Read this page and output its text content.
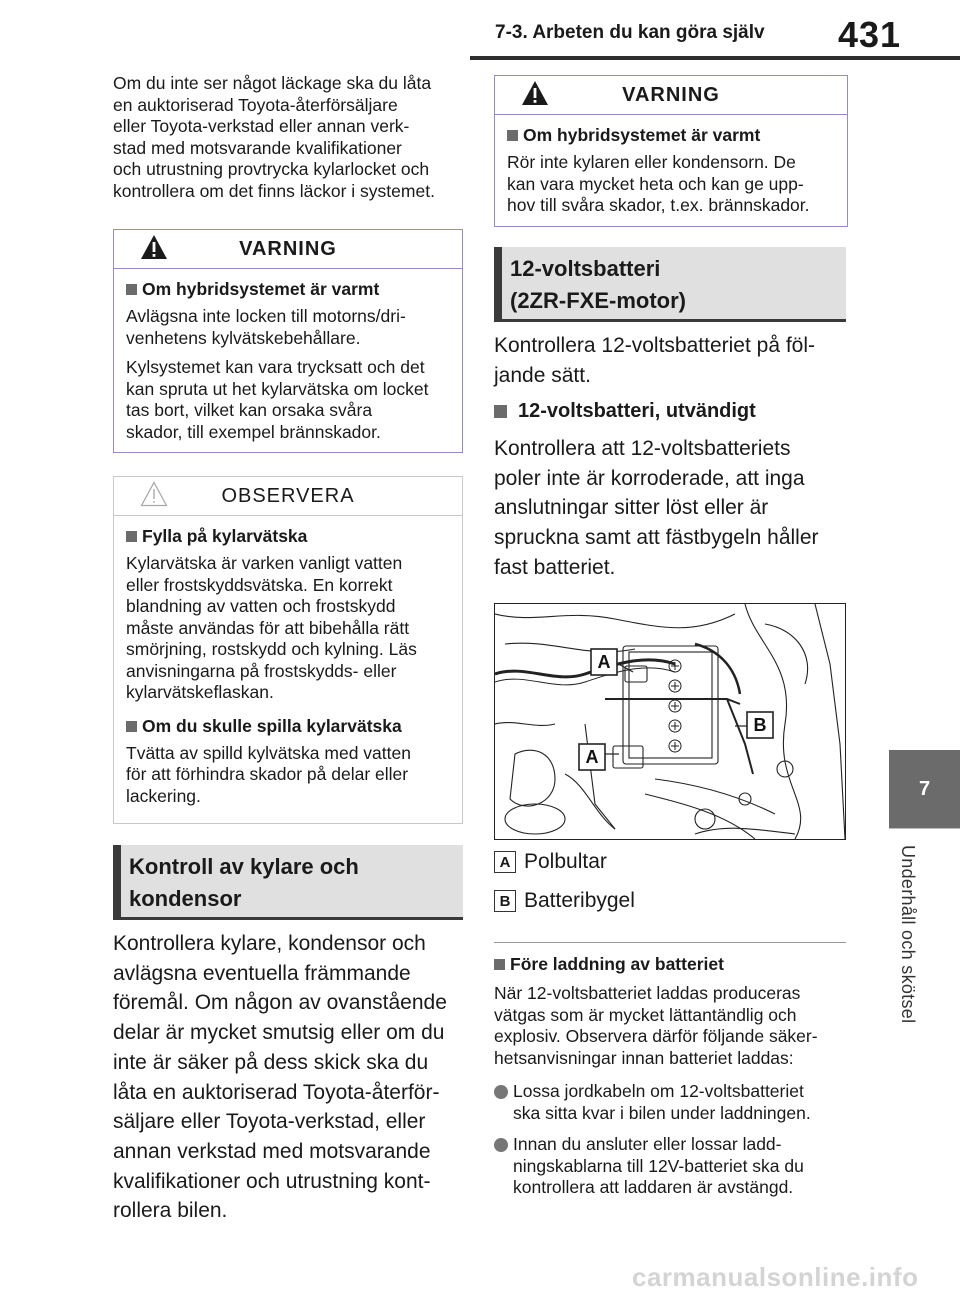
7-3. Arbeten du kan göra själv 431
7
Underhåll och skötsel
Om du inte ser något läckage ska du låta
en auktoriserad Toyota-återförsäljare
eller Toyota-verkstad eller annan verk-
stad med motsvarande kvalifikationer
och utrustning provtrycka kylarlocket och
kontrollera om det finns läckor i systemet.
VARNING
Om hybridsystemet är varmt
Avlägsna inte locken till motorns/dri-
venhetens kylvätskebehållare.
Kylsystemet kan vara trycksatt och det
kan spruta ut het kylarvätska om locket
tas bort, vilket kan orsaka svåra
skador, till exempel brännskador.
OBSERVERA
Fylla på kylarvätska
Kylarvätska är varken vanligt vatten
eller frostskyddsvätska. En korrekt
blandning av vatten och frostskydd
måste användas för att bibehålla rätt
smörjning, rostskydd och kylning. Läs
anvisningarna på frostskydds- eller
kylarvätskeflaskan.
Om du skulle spilla kylarvätska
Tvätta av spilld kylvätska med vatten
för att förhindra skador på delar eller
lackering.
Kontroll av kylare och
kondensor
Kontrollera kylare, kondensor och
avlägsna eventuella främmande
föremål. Om någon av ovanstående
delar är mycket smutsig eller om du
inte är säker på dess skick ska du
låta en auktoriserad Toyota-återför-
säljare eller Toyota-verkstad, eller
annan verkstad med motsvarande
kvalifikationer och utrustning kont-
rollera bilen.
VARNING
Om hybridsystemet är varmt
Rör inte kylaren eller kondensorn. De
kan vara mycket heta och kan ge upp-
hov till svåra skador, t.ex. brännskador.
12-voltsbatteri
(2ZR-FXE-motor)
Kontrollera 12-voltsbatteriet på föl-
jande sätt.
12-voltsbatteri, utvändigt
Kontrollera att 12-voltsbatteriets
poler inte är korroderade, att inga
anslutningar sitter löst eller är
spruckna samt att fästbygeln håller
fast batteriet.
A
A
B
A Polbultar
B Batteribygel
Före laddning av batteriet
När 12-voltsbatteriet laddas produceras
vätgas som är mycket lättantändlig och
explosiv. Observera därför följande säker-
hetsanvisningar innan batteriet laddas:
Lossa jordkabeln om 12-voltsbatteriet
ska sitta kvar i bilen under laddningen.
Innan du ansluter eller lossar ladd-
ningskablarna till 12V-batteriet ska du
kontrollera att laddaren är avstängd.
carmanualsonline.info
